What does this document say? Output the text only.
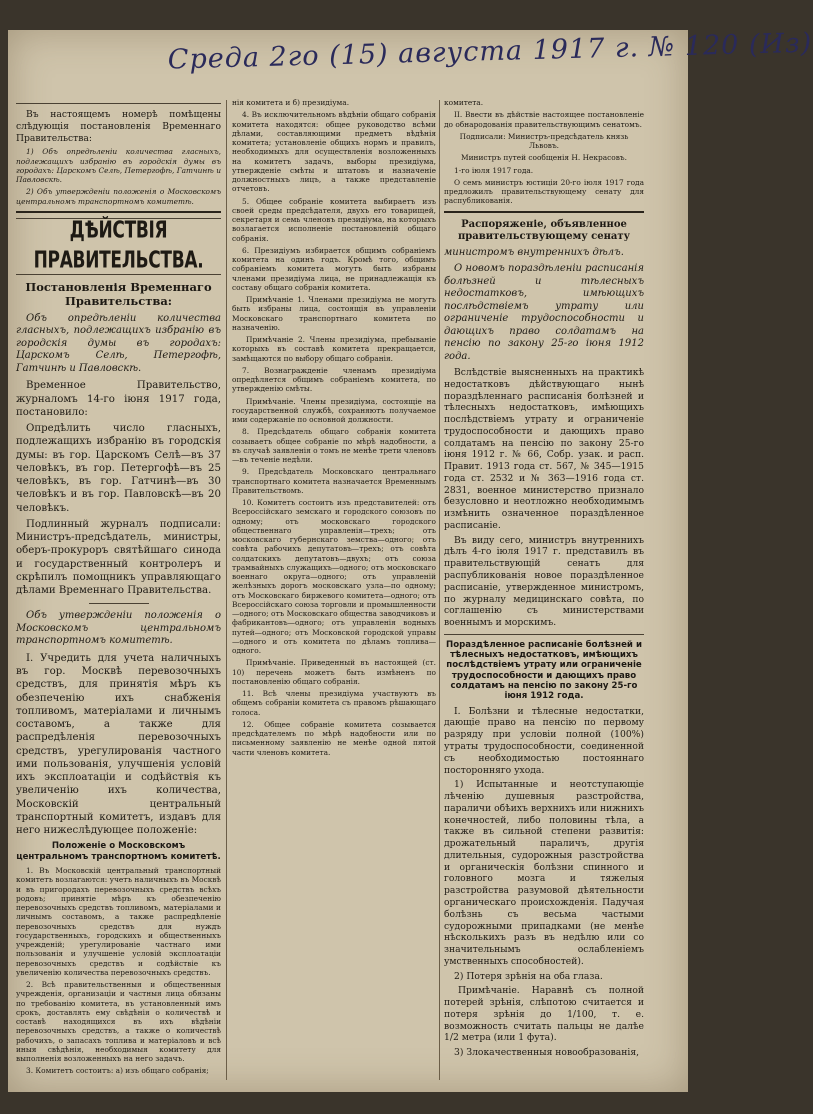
Среда 2го (15) августа 1917 г. № 120 (Из)

Въ настоящемъ номерѣ помѣщены слѣдующія постановленія Временнаго Правительства:

1) Объ опредѣленіи количества гласныхъ, подлежащихъ избранію въ городскія думы въ городахъ: Царскомъ Селѣ, Петергофѣ, Гатчинѣ и Павловскѣ.

2) Объ утвержденіи положенія о Московскомъ центральномъ транспортномъ комитетѣ.

ДѢЙСТВІЯ ПРАВИТЕЛЬСТВА.
Постановленія Временнаго Правительства:

Объ опредѣленіи количества гласныхъ, подлежащихъ избранію въ городскія думы въ городахъ: Царскомъ Селѣ, Петергофѣ, Гатчинѣ и Павловскѣ.

Временное Правительство, журналомъ 14-го іюня 1917 года, постановило:

Опредѣлить число гласныхъ, подлежащихъ избранію въ городскія думы: въ гор. Царскомъ Селѣ—въ 37 человѣкъ, въ гор. Петергофѣ—въ 25 человѣкъ, въ гор. Гатчинѣ—въ 30 человѣкъ и въ гор. Павловскѣ—въ 20 человѣкъ.

Подлинный журналъ подписали: Министръ-предсѣдатель, министры, оберъ-прокуроръ святѣйшаго синода и государственный контролеръ и скрѣпилъ помощникъ управляющаго дѣлами Временнаго Правительства.

Объ утвержденіи положенія о Московскомъ центральномъ транспортномъ комитетѣ.

I. Учредить для учета наличныхъ въ гор. Москвѣ перевозочныхъ средствъ, для принятія мѣръ къ обезпеченію ихъ снабженія топливомъ, матеріалами и личнымъ составомъ, а также для распредѣленія перевозочныхъ средствъ, урегулированія частного ими пользованія, улучшенія условій ихъ эксплоатаціи и содѣйствія къ увеличенію ихъ количества, Московскій центральный транспортный комитетъ, издавъ для него нижеслѣдующее положеніе:

Положеніе о Московскомъ центральномъ транспортномъ комитетѣ.

1. Въ Московскій центральный транспортный комитетъ возлагаются: учетъ наличныхъ въ Москвѣ и въ пригородахъ перевозочныхъ средствъ всѣхъ родовъ; принятіе мѣръ къ обезпеченію перевозочныхъ средствъ топливомъ, матеріалами и личнымъ составомъ, а также распредѣленіе перевозочныхъ средствъ для нуждъ государственныхъ, городскихъ и общественныхъ учрежденій; урегулированіе частнаго ими пользованія и улучшеніе условій эксплоатаціи перевозочныхъ средствъ и содѣйствіе къ увеличенію количества перевозочныхъ средствъ.

2. Всѣ правительственныя и общественныя учрежденія, организаціи и частныя лица обязаны по требованію комитета, въ установленный имъ срокъ, доставлять ему свѣдѣнія о количествѣ и составѣ находящихся въ ихъ вѣдѣніи перевозочныхъ средствъ, а также о количествѣ рабочихъ, о запасахъ топлива и матеріаловъ и всѣ иныя свѣдѣнія, необходимыя комитету для выполненія возложенныхъ на него задачъ.

3. Комитетъ состоитъ: а) изъ общаго собранія;

нія комитета и б) президіума.

4. Въ исключительномъ вѣдѣніи общаго собранія комитета находятся: общее руководство всѣми дѣлами, составляющими предметъ вѣдѣнія комитета; установленіе общихъ нормъ и правилъ, необходимыхъ для осуществленія возложенныхъ на комитетъ задачъ, выборы президіума, утвержденіе смѣты и штатовъ и назначеніе должностныхъ лицъ, а также представленіе отчетовъ.

5. Общее собраніе комитета выбираетъ изъ своей среды предсѣдателя, двухъ его товарищей, секретаря и семь членовъ президіума, на которыхъ возлагается исполненіе постановленій общаго собранія.

6. Президіумъ избирается общимъ собраніемъ комитета на одинъ годъ. Кромѣ того, общимъ собраніемъ комитета могутъ быть избраны членами президіума лица, не принадлежащія къ составу общаго собранія комитета.

Примѣчаніе 1. Членами президіума не могутъ быть избраны лица, состоящія въ управленіи Московскаго транспортнаго комитета по назначенію.

Примѣчаніе 2. Члены президіума, пребываніе которыхъ въ составѣ комитета прекращается, замѣщаются по выбору общаго собранія.

7. Вознагражденіе членамъ президіума опредѣляется общимъ собраніемъ комитета, по утвержденію смѣты.

Примѣчаніе. Члены президіума, состоящіе на государственной службѣ, сохраняютъ получаемое ими содержаніе по основной должности.

8. Предсѣдатель общаго собранія комитета созываетъ общее собраніе по мѣрѣ надобности, а въ случаѣ заявленія о томъ не менѣе трети членовъ—въ теченіе недѣли.

9. Предсѣдатель Московскаго центральнаго транспортнаго комитета назначается Временнымъ Правительствомъ.

10. Комитетъ состоитъ изъ представителей: отъ Всероссійскаго земскаго и городского союзовъ по одному; отъ московскаго городского общественнаго управленія—трехъ; отъ московскаго губернскаго земства—одного; отъ совѣта рабочихъ депутатовъ—трехъ; отъ совѣта солдатскихъ депутатовъ—двухъ; отъ союза трамвайныхъ служащихъ—одного; отъ московскаго военнаго округа—одного; отъ управленій желѣзныхъ дорогъ московскаго узла—по одному; отъ Московскаго биржевого комитета—одного; отъ Всероссійскаго союза торговли и промышленности—одного; отъ Московскаго общества заводчиковъ и фабрикантовъ—одного; отъ управленія водныхъ путей—одного; отъ Московской городской управы—одного и отъ комитета по дѣламъ топлива—одного.

Примѣчаніе. Приведенный въ настоящей (ст. 10) перечень можетъ быть измѣненъ по постановленію общаго собранія.

11. Всѣ члены президіума участвуютъ въ общемъ собраніи комитета съ правомъ рѣшающаго голоса.

12. Общее собраніе комитета созывается предсѣдателемъ по мѣрѣ надобности или по письменному заявленію не менѣе одной пятой части членовъ комитета.

комитета.

II. Ввести въ дѣйствіе настоящее постановленіе до обнародованія правительствующимъ сенатомъ.

Подписали: Министръ-предсѣдатель князь Львовъ.

Министръ путей сообщенія Н. Некрасовъ.

1-го іюля 1917 года.

О семъ министръ юстиціи 20-го іюля 1917 года предложилъ правительствующему сенату для распубликованія.

Распоряженіе, объявленное правительствующему сенату

министромъ внутреннихъ дѣлъ.

О новомъ пораздѣленіи расписанія болѣзней и тѣлесныхъ недостатковъ, имѣющихъ послѣдствіемъ утрату или ограниченіе трудоспособности и дающихъ право солдатамъ на пенсію по закону 25-го іюня 1912 года.

Вслѣдствіе выясненныхъ на практикѣ недостатковъ дѣйствующаго нынѣ пораздѣленнаго расписанія болѣзней и тѣлесныхъ недостатковъ, имѣющихъ послѣдствіемъ утрату и ограниченіе трудоспособности и дающихъ право солдатамъ на пенсію по закону 25-го іюня 1912 г. № 66, Собр. узак. и расп. Правит. 1913 года ст. 567, № 345—1915 года ст. 2532 и № 363—1916 года ст. 2831, военное министерство признало безусловно и неотложно необходимымъ измѣнить означенное пораздѣленное расписаніе.

Въ виду сего, министръ внутреннихъ дѣлъ 4-го іюля 1917 г. представилъ въ правительствующій сенатъ для распубликованія новое пораздѣленное расписаніе, утвержденное министромъ, по журналу медицинскаго совѣта, по соглашенію съ министерствами военнымъ и морскимъ.

Пораздѣленное расписаніе болѣзней и тѣлесныхъ недостатковъ, имѣющихъ послѣдствіемъ утрату или ограниченіе трудоспособности и дающихъ право солдатамъ на пенсію по закону 25-го іюня 1912 года.

I. Болѣзни и тѣлесные недостатки, дающіе право на пенсію по первому разряду при условіи полной (100%) утраты трудоспособности, соединенной съ необходимостью постояннаго посторонняго ухода.

1) Испытанные и неотступающіе лѣченію душевныя разстройства, параличи обѣихъ верхнихъ или нижнихъ конечностей, либо половины тѣла, а также въ сильной степени развитія: дрожательный параличъ, другія длительныя, судорожныя разстройства и органическія болѣзни спинного и головного мозга и тяжелыя разстройства разумовой дѣятельности органическаго происхожденія. Падучая болѣзнь съ весьма частыми судорожными припадками (не менѣе нѣсколькихъ разъ въ недѣлю или со значительнымъ ослабленіемъ умственныхъ способностей).

2) Потеря зрѣнія на оба глаза.

Примѣчаніе. Наравнѣ съ полной потерей зрѣнія, слѣпотою считается и потеря зрѣнія до 1/100, т. е. возможность считать пальцы не далѣе 1/2 метра (или 1 фута).

3) Злокачественныя новообразованія,
